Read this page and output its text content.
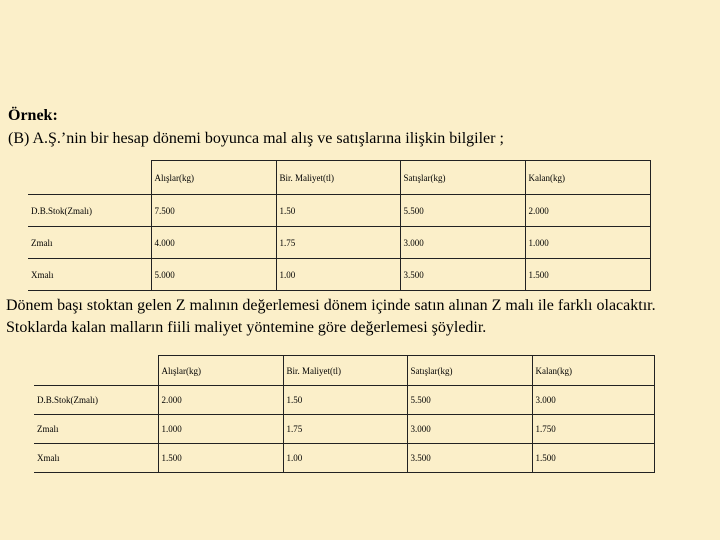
Örnek:
(B) A.Ş.’nin bir hesap dönemi boyunca mal alış ve satışlarına ilişkin bilgiler ;
	Alışlar(kg)	Bir. Maliyet(tl)	Satışlar(kg)	Kalan(kg)
D.B.Stok(Zmalı)	7.500	1.50	5.500	2.000
Zmalı	4.000	1.75	3.000	1.000
Xmalı	5.000	1.00	3.500	1.500
Dönem başı stoktan gelen Z malının değerlemesi dönem içinde satın alınan Z malı ile farklı olacaktır. Stoklarda kalan malların fiili maliyet yöntemine göre değerlemesi şöyledir.
	Alışlar(kg)	Bir. Maliyet(tl)	Satışlar(kg)	Kalan(kg)
D.B.Stok(Zmalı)	2.000	1.50	5.500	3.000
Zmalı	1.000	1.75	3.000	1.750
Xmalı	1.500	1.00	3.500	1.500
